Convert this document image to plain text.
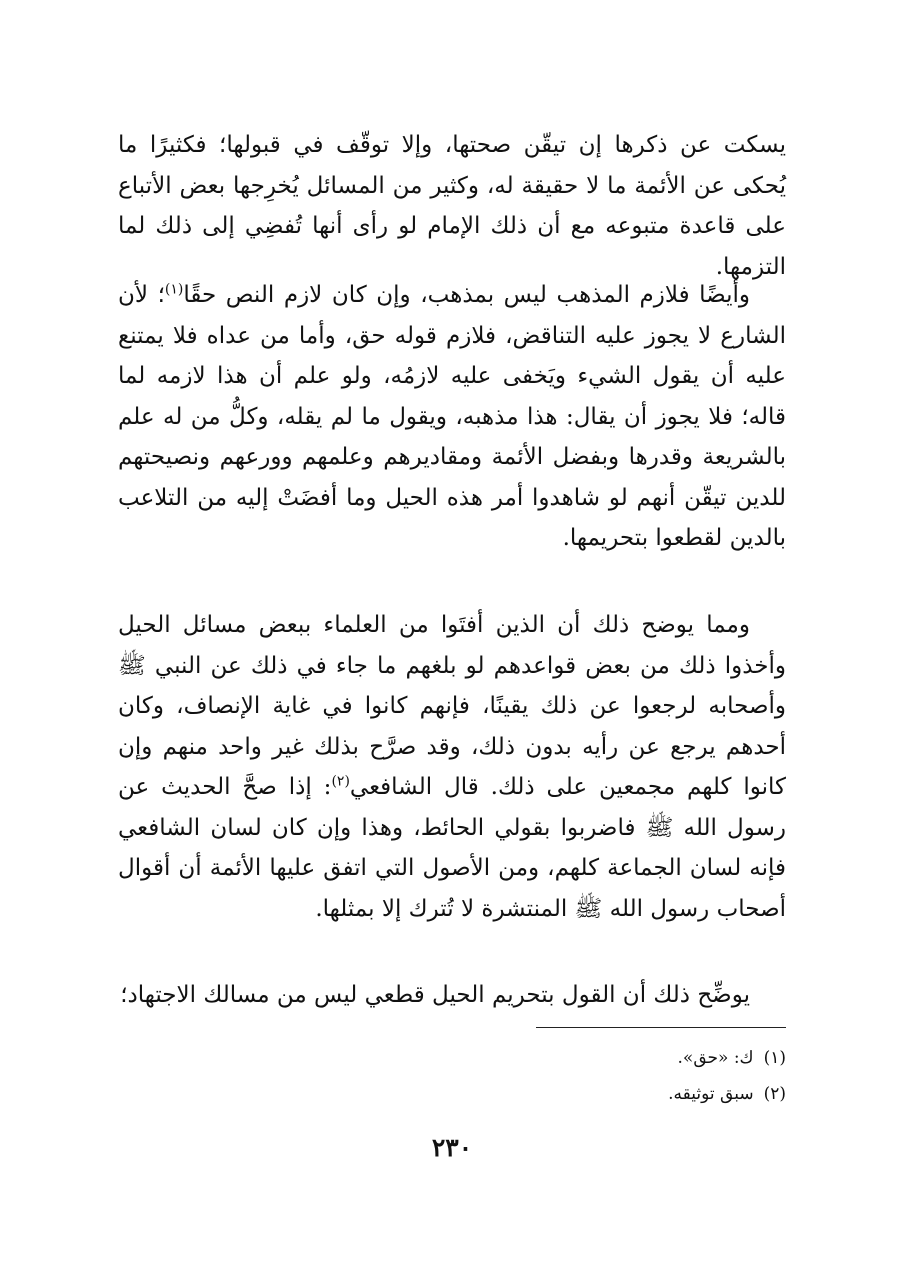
يسكت عن ذكرها إن تيقّن صحتها، وإلا توقّف في قبولها؛ فكثيرًا ما يُحكى عن الأئمة ما لا حقيقة له، وكثير من المسائل يُخرِجها بعض الأتباع على قاعدة متبوعه مع أن ذلك الإمام لو رأى أنها تُفضِي إلى ذلك لما التزمها.

وأيضًا فلازم المذهب ليس بمذهب، وإن كان لازم النص حقًا$^{(١)}$؛ لأن الشارع لا يجوز عليه التناقض، فلازم قوله حق، وأما من عداه فلا يمتنع عليه أن يقول الشيء ويَخفى عليه لازمُه، ولو علم أن هذا لازمه لما قاله؛ فلا يجوز أن يقال: هذا مذهبه، ويقول ما لم يقله، وكلُّ من له علم بالشريعة وقدرها وبفضل الأئمة ومقاديرهم وعلمهم وورعهم ونصيحتهم للدين تيقّن أنهم لو شاهدوا أمر هذه الحيل وما أفضَتْ إليه من التلاعب بالدين لقطعوا بتحريمها.

ومما يوضح ذلك أن الذين أفتَوا من العلماء ببعض مسائل الحيل وأخذوا ذلك من بعض قواعدهم لو بلغهم ما جاء في ذلك عن النبي ﷺ وأصحابه لرجعوا عن ذلك يقينًا، فإنهم كانوا في غاية الإنصاف، وكان أحدهم يرجع عن رأيه بدون ذلك، وقد صرَّح بذلك غير واحد منهم وإن كانوا كلهم مجمعين على ذلك. قال الشافعي$^{(٢)}$: إذا صحَّ الحديث عن رسول الله ﷺ فاضربوا بقولي الحائط، وهذا وإن كان لسان الشافعي فإنه لسان الجماعة كلهم، ومن الأصول التي اتفق عليها الأئمة أن أقوال أصحاب رسول الله ﷺ المنتشرة لا تُترك إلا بمثلها.

يوضِّح ذلك أن القول بتحريم الحيل قطعي ليس من مسالك الاجتهاد؛

(١)ك: «حق».

(٢)سبق توثيقه.

٢٣٠
